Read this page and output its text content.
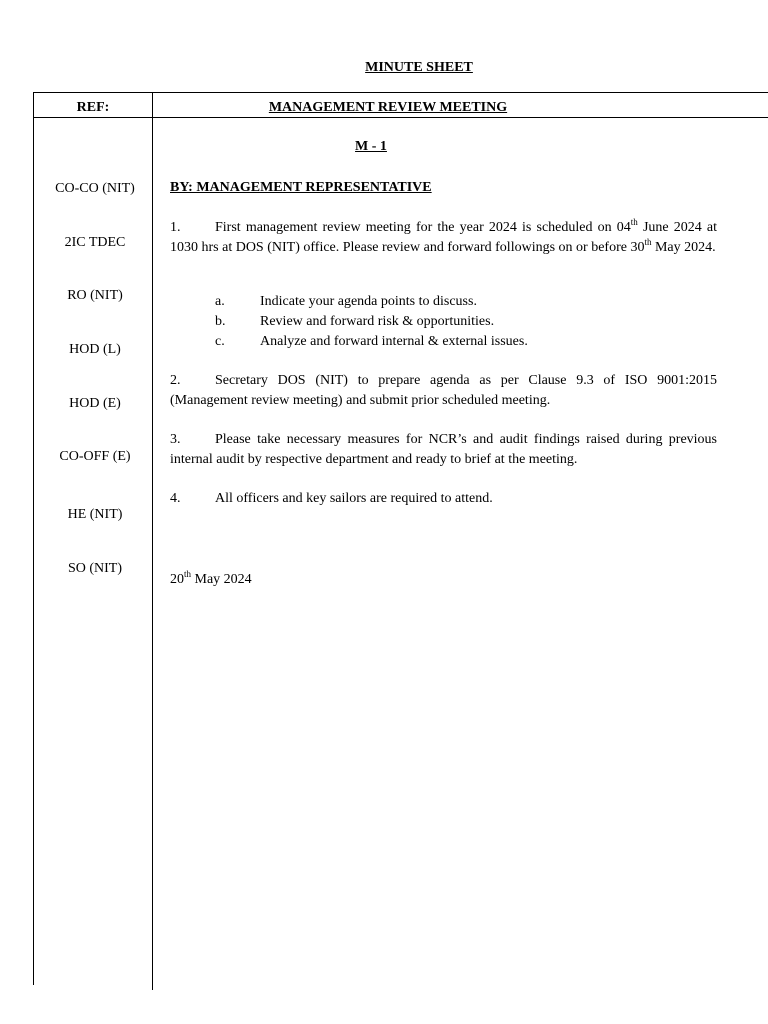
MINUTE SHEET
REF:	MANAGEMENT REVIEW MEETING
M - 1
CO-CO (NIT)
2IC TDEC
RO (NIT)
HOD (L)
HOD (E)
CO-OFF (E)
HE (NIT)
SO (NIT)
BY: MANAGEMENT REPRESENTATIVE
1. First management review meeting for the year 2024 is scheduled on 04th June 2024 at 1030 hrs at DOS (NIT) office. Please review and forward followings on or before 30th May 2024.
a.	Indicate your agenda points to discuss.
b. Review and forward risk & opportunities.
c.	Analyze and forward internal & external issues.
2. Secretary DOS (NIT) to prepare agenda as per Clause 9.3 of ISO 9001:2015 (Management review meeting) and submit prior scheduled meeting.
3. Please take necessary measures for NCR’s and audit findings raised during previous internal audit by respective department and ready to brief at the meeting.
4. All officers and key sailors are required to attend.
20th May 2024
